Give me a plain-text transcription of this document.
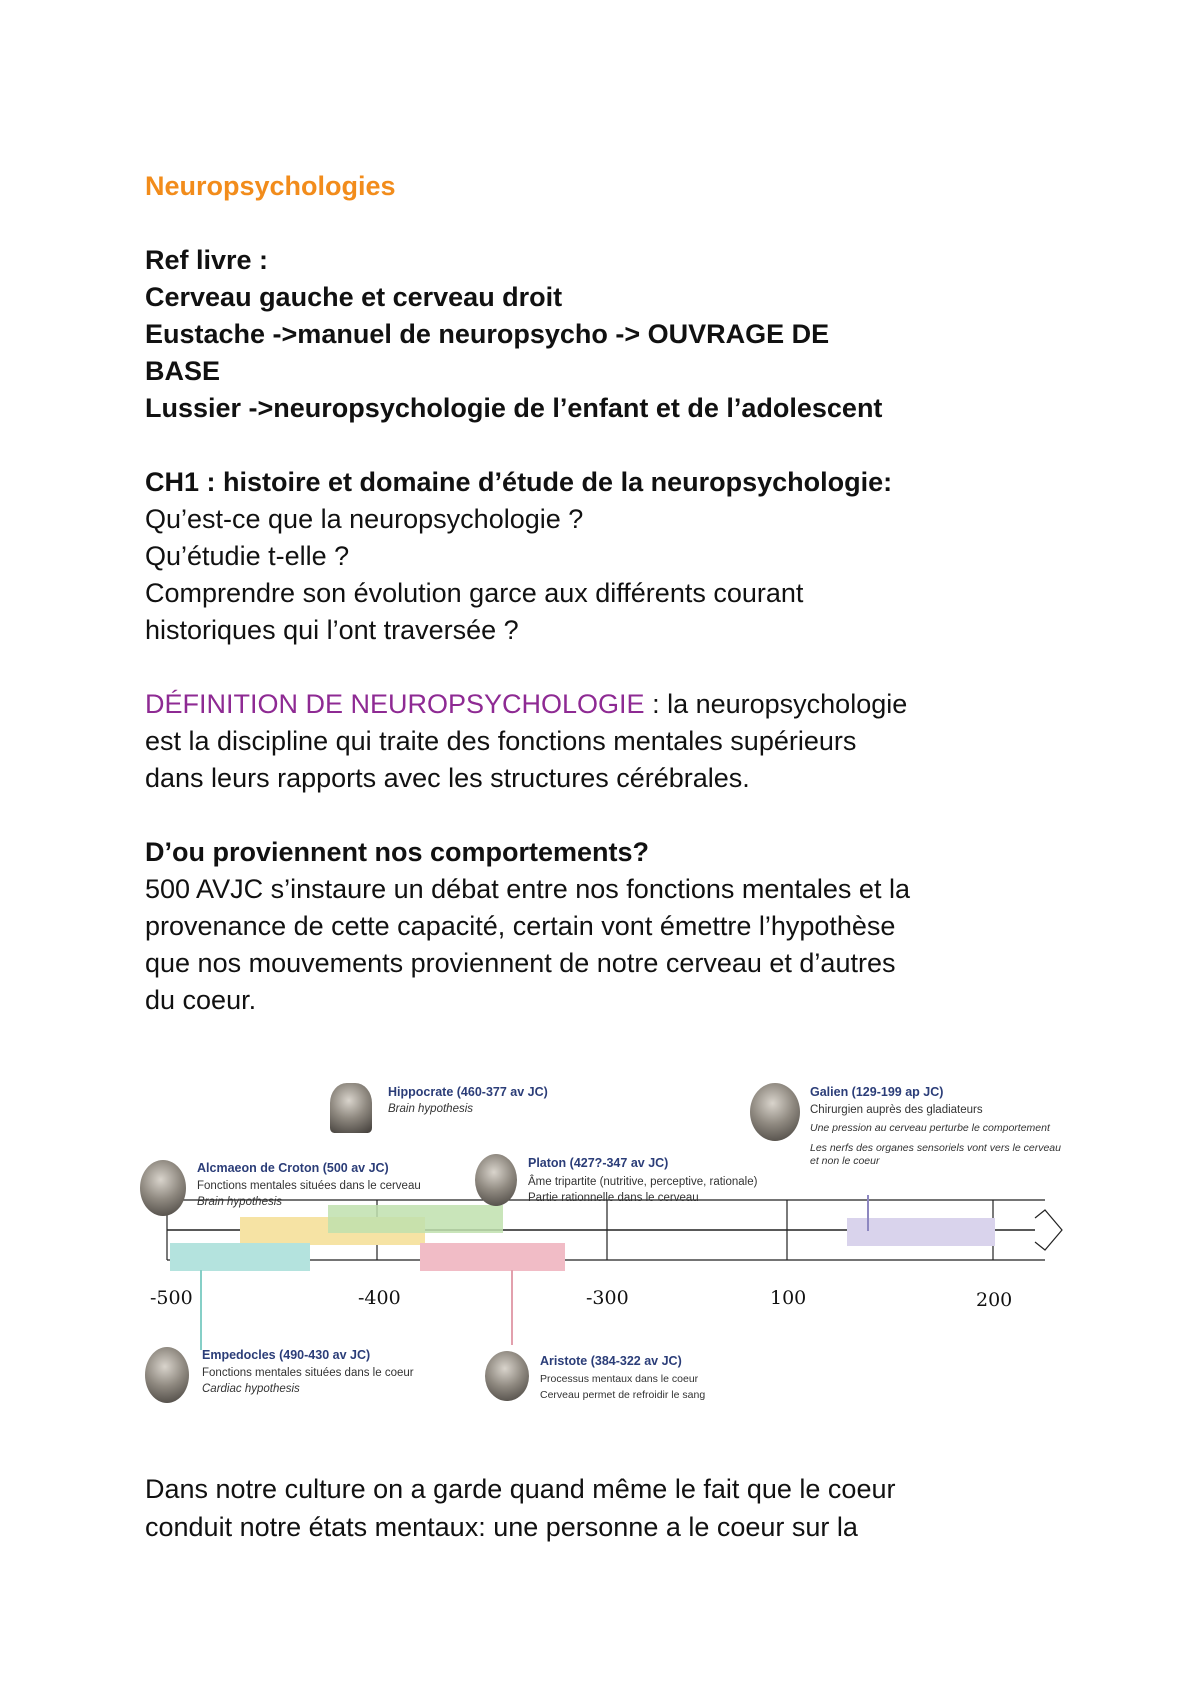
Neuropsychologies
Ref livre :
Cerveau gauche et cerveau droit
Eustache ->manuel de neuropsycho -> OUVRAGE DE
BASE
Lussier ->neuropsychologie de l’enfant et de l’adolescent
CH1 : histoire et domaine d’étude de la neuropsychologie:
Qu’est-ce que la neuropsychologie ?
Qu’étudie t-elle ?
Comprendre son évolution garce aux différents courant
historiques qui l’ont traversée ?
DÉFINITION DE NEUROPSYCHOLOGIE : la neuropsychologie
est la discipline qui traite des fonctions mentales supérieurs
dans leurs rapports avec les structures cérébrales.
D’ou proviennent nos comportements?
500 AVJC s’instaure un débat entre nos fonctions mentales et la
provenance de cette capacité, certain vont émettre l’hypothèse
que nos mouvements proviennent de notre cerveau et d’autres
du coeur.
-500	-400	-300	100	200
Hippocrate (460-377 av JC)
Brain hypothesis
Alcmaeon de Croton (500 av JC)
Fonctions mentales situées dans le cerveau
Brain hypothesis
Platon (427?-347 av JC)
Âme tripartite (nutritive, perceptive, rationale)
Partie rationnelle dans le cerveau
Galien (129-199 ap JC)
Chirurgien auprès des gladiateurs
Une pression au cerveau perturbe le comportement
Les nerfs des organes sensoriels vont vers le cerveau
et non le coeur
Empedocles (490-430 av JC)
Fonctions mentales situées dans le coeur
Cardiac hypothesis
Aristote (384-322 av JC)
Processus mentaux dans le coeur
Cerveau permet de refroidir le sang
Dans notre culture on a garde quand même le fait que le coeur
conduit notre états mentaux: une personne a le coeur sur la
